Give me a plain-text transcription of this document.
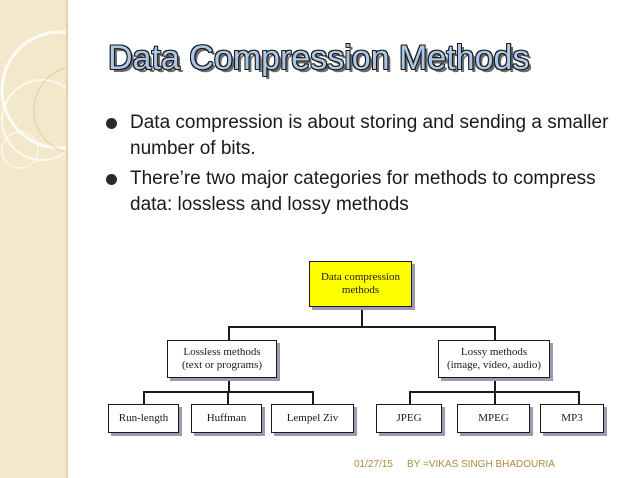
Data Compression Methods
Data compression is about storing and sending a smaller number of bits.
There’re two major categories for methods to compress data: lossless and lossy methods
Data compression
methods
Lossless methods
(text or programs)
Lossy methods
(image, video, audio)
Run-length	Huffman	Lempel Ziv	JPEG	MPEG	MP3
01/27/15 BY =VIKAS SINGH BHADOURIA
